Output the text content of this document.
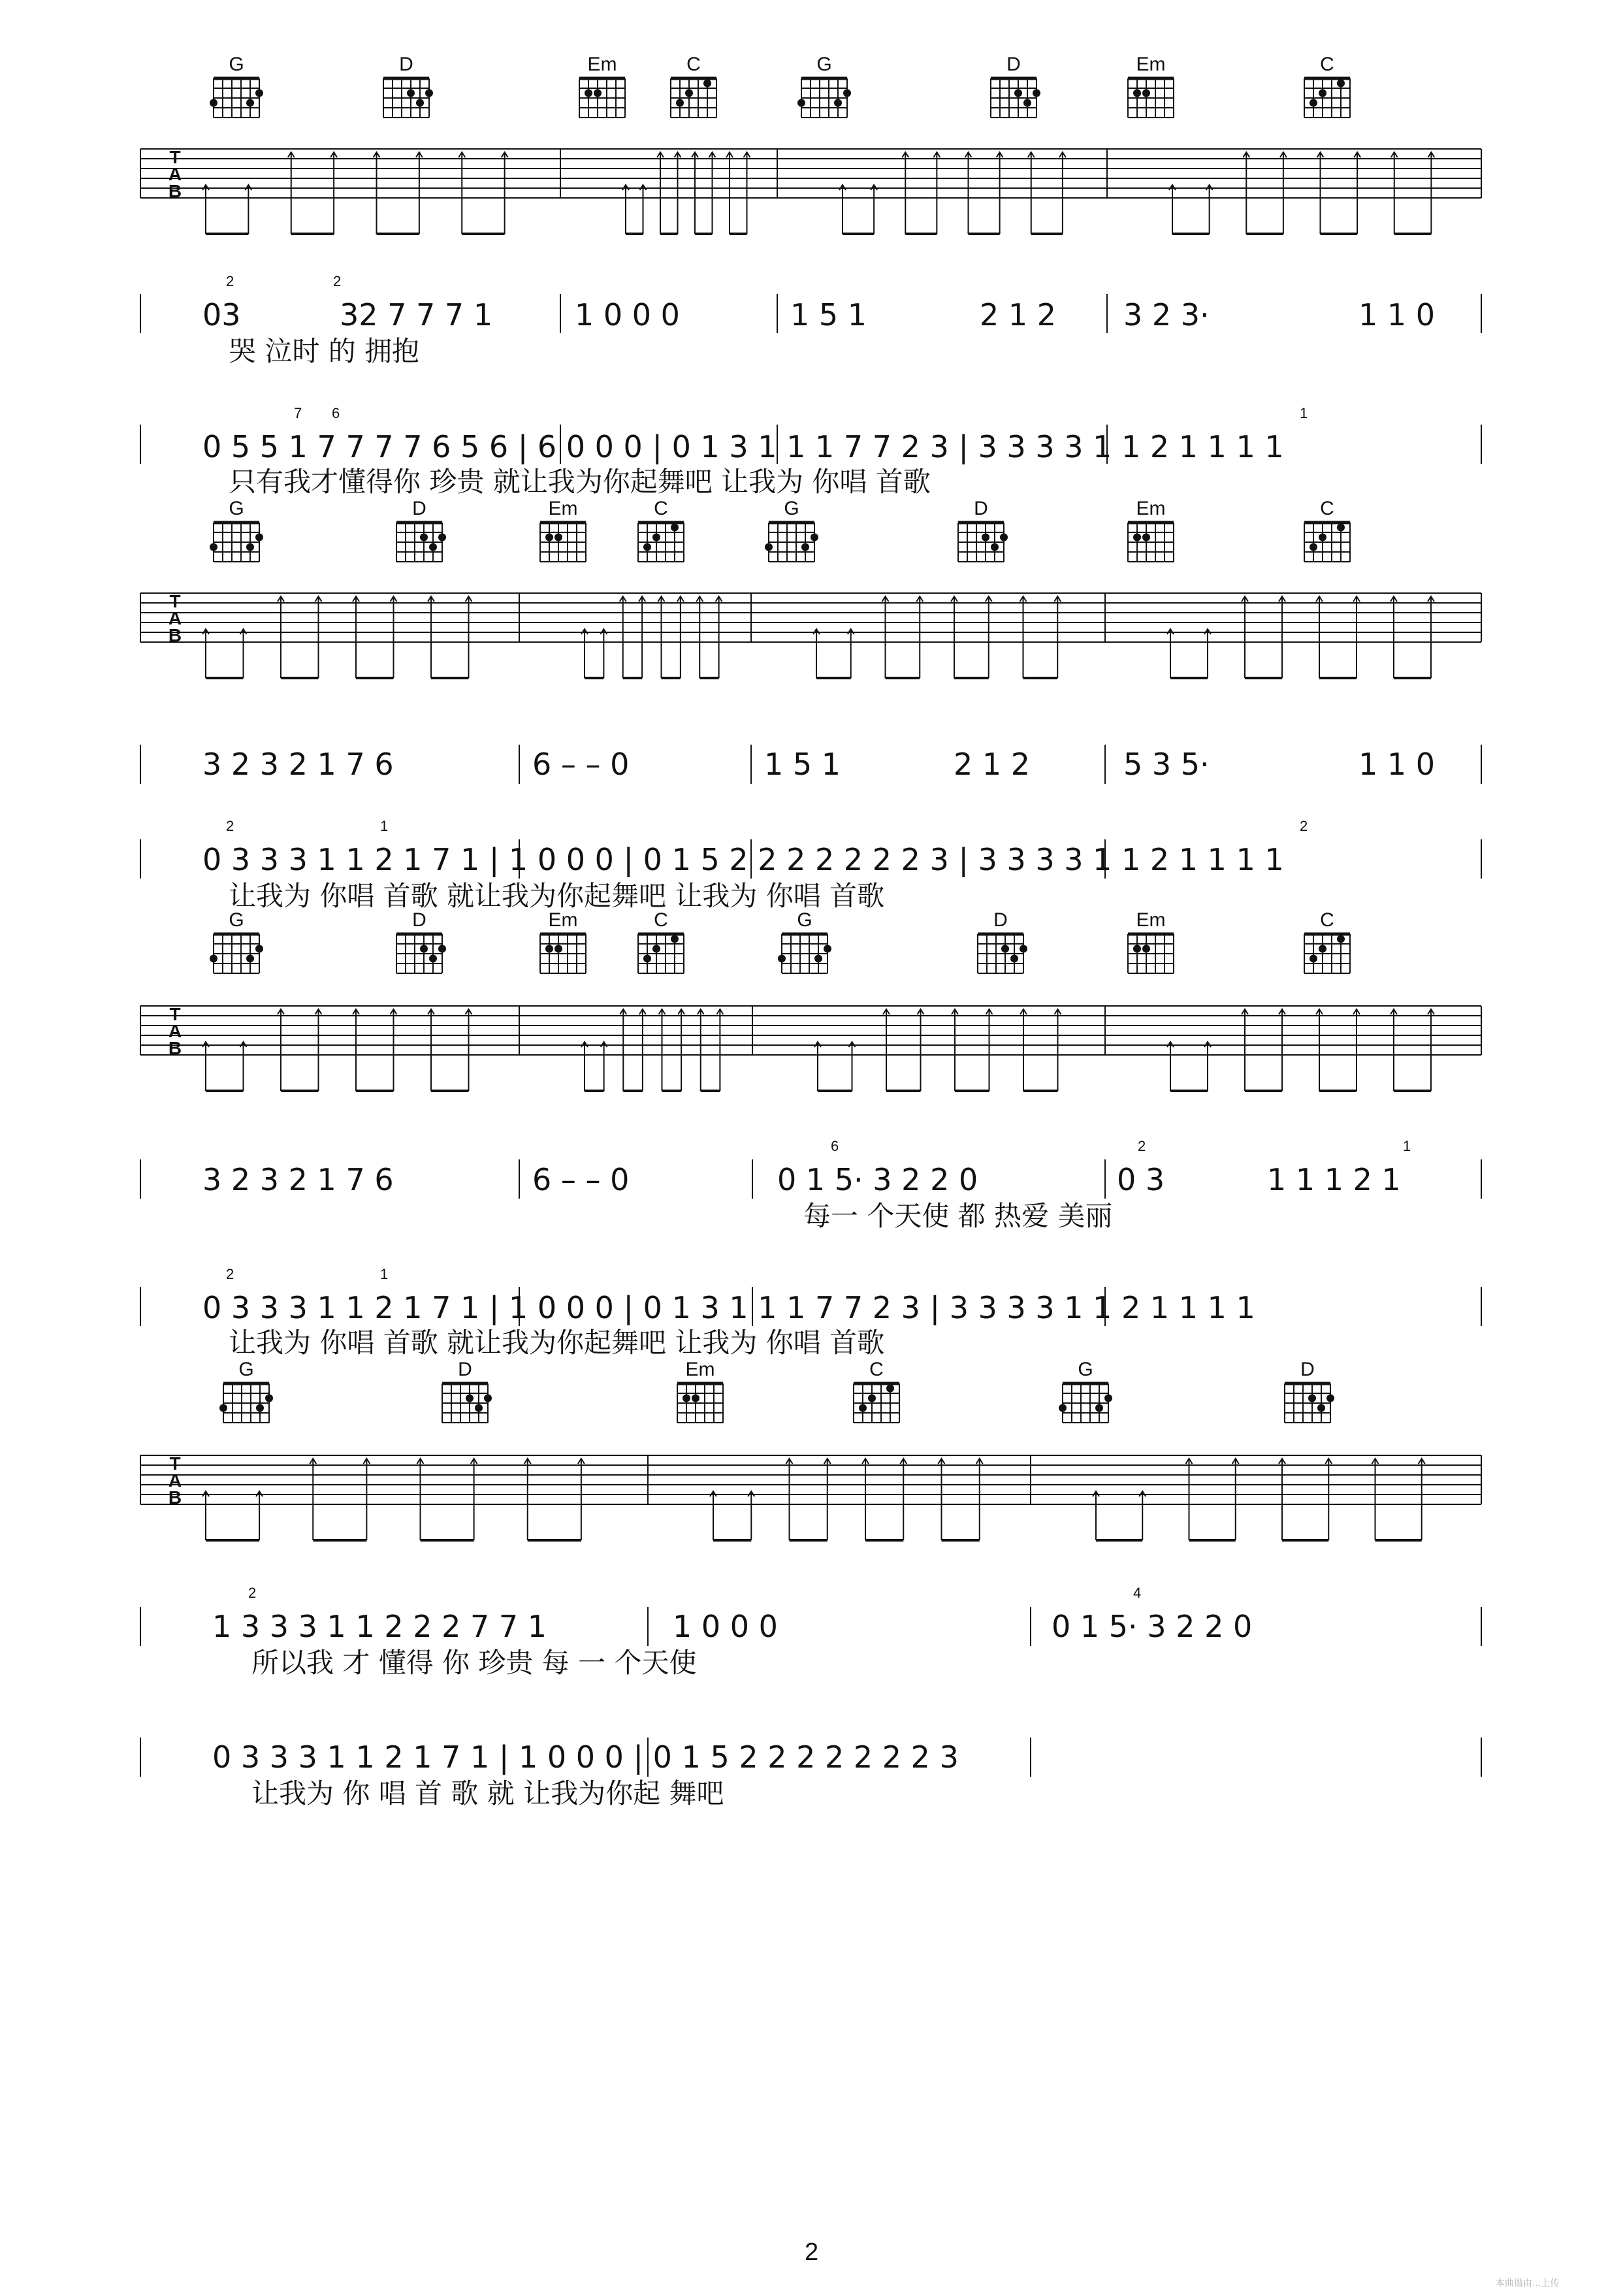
G	D	Em	C	G	D	Em	C
T
A
B
G	D	Em	C	G	D	Em	C
T
A
B
G	D	Em	C	G	D	Em	C
T
A
B
G	D	Em	C	G	D
T
A
B
03	32 7 7 7 1	1 0 0 0	1 5 1	2 1 2 3 2 3·	1 1 0
2	2
哭 泣时 的 拥抱
0 5 5 1 7 7 7 7 6 5 6 | 6 0 0 0 | 0 1 3 1 1 1 7 7 2 3 | 3 3 3 3 1 1 2 1 1 1 1
7 6	1
只有我才懂得你 珍贵 就让我为你起舞吧 让我为 你唱 首歌
3 2 3 2 1 7 6	6 – – 0	1 5 1	2 1 2	5 3 5·	1 1 0
0 3 3 3 1 1 2 1 7 1 | 1 0 0 0 | 0 1 5 2 2 2 2 2 2 2 3 | 3 3 3 3 1 1 2 1 1 1 1
2	1	2
让我为 你唱 首歌 就让我为你起舞吧 让我为 你唱 首歌
3 2 3 2 1 7 6	6 – – 0	0 1 5· 3 2 2 0	0 3	1 1 1 2 1
6	2	1
每一 个天使 都 热爱 美丽
0 3 3 3 1 1 2 1 7 1 | 1 0 0 0 | 0 1 3 1 1 1 7 7 2 3 | 3 3 3 3 1 1 2 1 1 1 1
2	1
让我为 你唱 首歌 就让我为你起舞吧 让我为 你唱 首歌
1 3 3 3 1 1 2 2 2 7 7 1	1 0 0 0	0 1 5· 3 2 2 0
2	4
所以我 才 懂得 你 珍贵 每 一 个天使
0 3 3 3 1 1 2 1 7 1 | 1 0 0 0 | 0 1 5 2 2 2 2 2 2 2 3
让我为 你 唱 首 歌 就 让我为你起 舞吧
2
本曲谱由...上传
